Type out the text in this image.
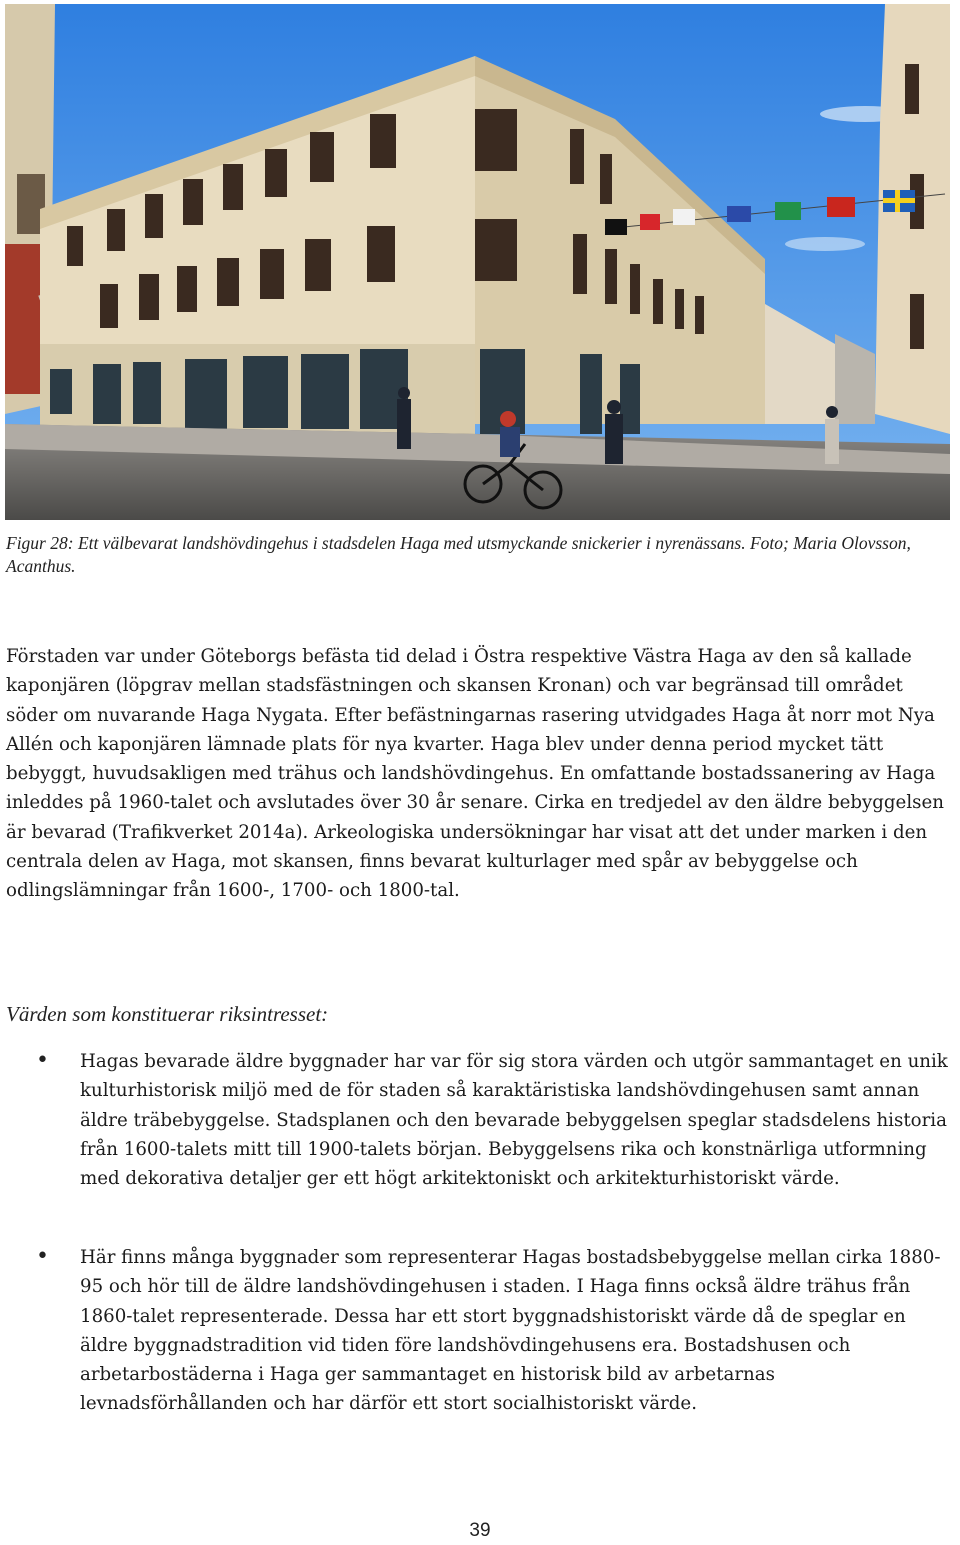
Figur 28: Ett välbevarat landshövdingehus i stadsdelen Haga med utsmyckande snickerier i nyrenässans. Foto; Maria Olovsson, Acanthus.

Förstaden var under Göteborgs befästa tid delad i Östra respektive Västra Haga av den så kallade kaponjären (löpgrav mellan stadsfästningen och skansen Kronan) och var begränsad till området söder om nuvarande Haga Nygata. Efter befästningarnas rasering utvidgades Haga åt norr mot Nya Allén och kaponjären lämnade plats för nya kvarter. Haga blev under denna period mycket tätt bebyggt, huvudsakligen med trähus och landshövdingehus. En omfattande bostadssanering av Haga inleddes på 1960-talet och avslutades över 30 år senare. Cirka en tredjedel av den äldre bebyggelsen är bevarad (Trafikverket 2014a). Arkeologiska undersökningar har visat att det under marken i den centrala delen av Haga, mot skansen, finns bevarat kulturlager med spår av bebyggelse och odlingslämningar från 1600-, 1700- och 1800-tal.

Värden som konstituerar riksintresset:
• Hagas bevarade äldre byggnader har var för sig stora värden och utgör sammantaget en unik kulturhistorisk miljö med de för staden så karaktäristiska landshövdingehusen samt annan äldre träbebyggelse. Stadsplanen och den bevarade bebyggelsen speglar stadsdelens historia från 1600-talets mitt till 1900-talets början. Bebyggelsens rika och konstnärliga utformning med dekorativa detaljer ger ett högt arkitektoniskt och arkitekturhistoriskt värde.

• Här finns många byggnader som representerar Hagas bostadsbebyggelse mellan cirka 1880-95 och hör till de äldre landshövdingehusen i staden. I Haga finns också äldre trähus från 1860-talet representerade. Dessa har ett stort byggnadshistoriskt värde då de speglar en äldre byggnadstradition vid tiden före landshövdingehusens era. Bostadshusen och arbetarbostäderna i Haga ger sammantaget en historisk bild av arbetarnas levnadsförhållanden och har därför ett stort socialhistoriskt värde.

39
